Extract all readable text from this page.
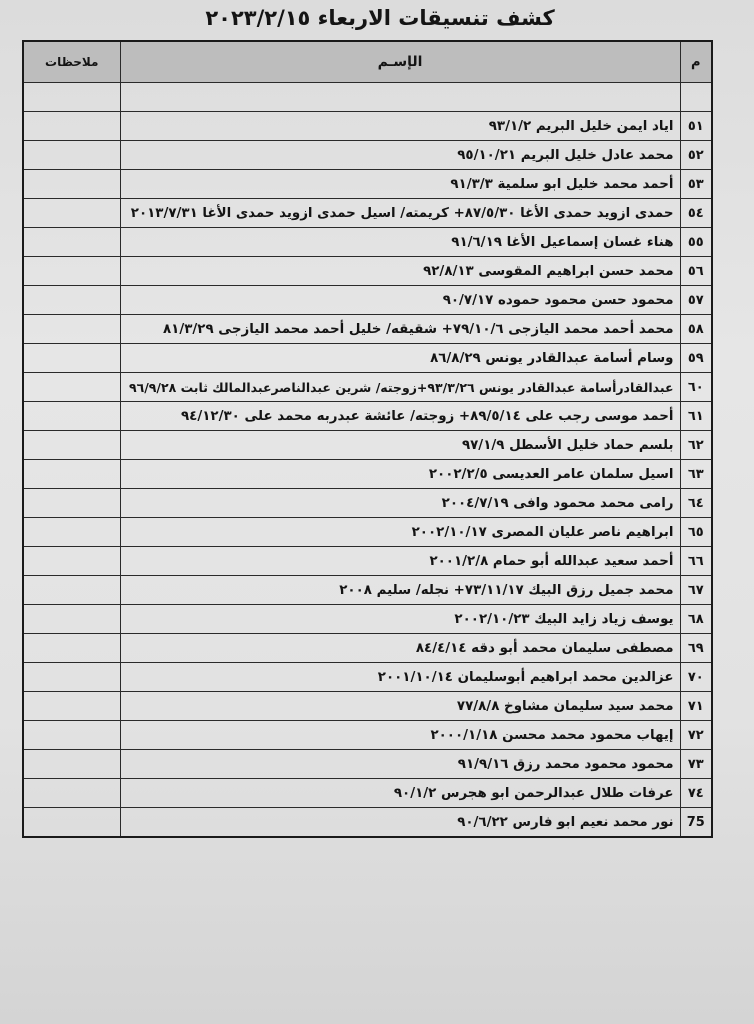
كشف تنسيقات الاربعاء ٢٠٢٣/٢/١٥
م	الإسـم	ملاحظات

٥١	اياد ايمن خليل البريم ٩٣/١/٢	
٥٢	محمد عادل خليل البريم ٩٥/١٠/٢١	
٥٣	أحمد محمد خليل ابو سلمية ٩١/٣/٣	
٥٤	حمدى ازويد حمدى الأغا ٨٧/٥/٣٠+ كريمته/ اسيل حمدى ازويد حمدى الأغا ٢٠١٣/٧/٣١	
٥٥	هناء غسان إسماعيل الأغا ٩١/٦/١٩	
٥٦	محمد حسن ابراهيم المقوسى ٩٢/٨/١٣	
٥٧	محمود حسن محمود حموده ٩٠/٧/١٧	
٥٨	محمد أحمد محمد اليازجى ٧٩/١٠/٦+ شقيقه/ خليل أحمد محمد اليازجى ٨١/٣/٢٩	
٥٩	وسام أسامة عبدالقادر يونس ٨٦/٨/٢٩	
٦٠	عبدالقادرأسامة عبدالقادر يونس ٩٣/٣/٢٦+زوجته/ شرين عبدالناصرعبدالمالك ثابت ٩٦/٩/٢٨	
٦١	أحمد موسى رجب على ٨٩/٥/١٤+ زوجته/ عائشة عبدربه محمد على ٩٤/١٢/٣٠	
٦٢	بلسم حماد خليل الأسطل ٩٧/١/٩	
٦٣	اسيل سلمان عامر العديسى ٢٠٠٢/٢/٥	
٦٤	رامى محمد محمود وافى ٢٠٠٤/٧/١٩	
٦٥	ابراهيم ناصر عليان المصرى ٢٠٠٢/١٠/١٧	
٦٦	أحمد سعيد عبدالله أبو حمام ٢٠٠١/٢/٨	
٦٧	محمد جميل رزق البيك ٧٣/١١/١٧+ نجله/ سليم ٢٠٠٨	
٦٨	يوسف زياد زايد البيك ٢٠٠٢/١٠/٢٣	
٦٩	مصطفى سليمان محمد أبو دقه ٨٤/٤/١٤	
٧٠	عزالدين محمد ابراهيم أبوسليمان ٢٠٠١/١٠/١٤	
٧١	محمد سيد سليمان مشاوخ ٧٧/٨/٨	
٧٢	إيهاب محمود محمد محسن ٢٠٠٠/١/١٨	
٧٣	محمود محمود محمد رزق ٩١/٩/١٦	
٧٤	عرفات طلال عبدالرحمن ابو هجرس ٩٠/١/٢	
75	نور محمد نعيم ابو فارس ٩٠/٦/٢٢	
